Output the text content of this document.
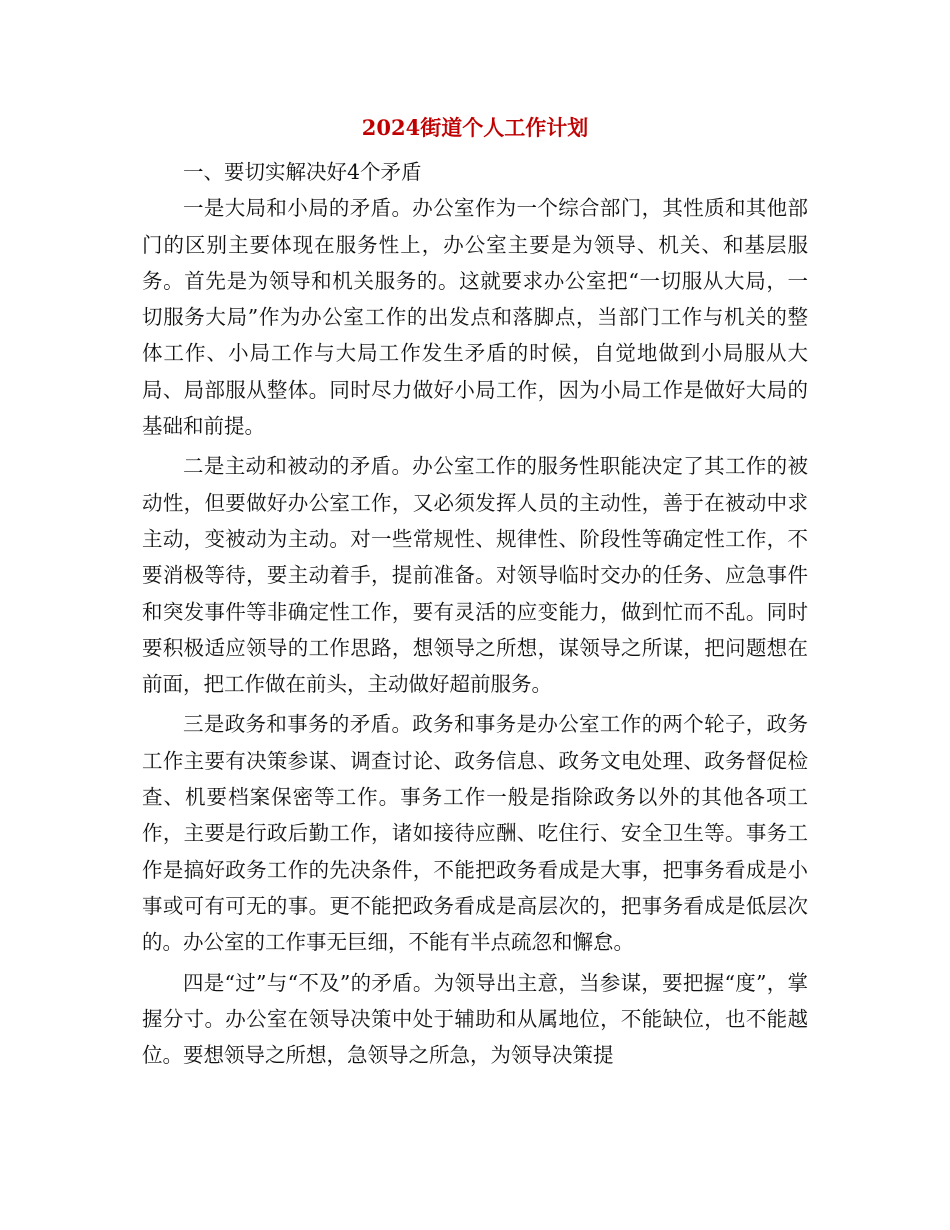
2024街道个人工作计划

一、要切实解决好4个矛盾

一是大局和小局的矛盾。办公室作为一个综合部门，其性质和其他部门的区别主要体现在服务性上，办公室主要是为领导、机关、和基层服务。首先是为领导和机关服务的。这就要求办公室把“一切服从大局，一切服务大局”作为办公室工作的出发点和落脚点，当部门工作与机关的整体工作、小局工作与大局工作发生矛盾的时候，自觉地做到小局服从大局、局部服从整体。同时尽力做好小局工作，因为小局工作是做好大局的基础和前提。

二是主动和被动的矛盾。办公室工作的服务性职能决定了其工作的被动性，但要做好办公室工作，又必须发挥人员的主动性，善于在被动中求主动，变被动为主动。对一些常规性、规律性、阶段性等确定性工作，不要消极等待，要主动着手，提前准备。对领导临时交办的任务、应急事件和突发事件等非确定性工作，要有灵活的应变能力，做到忙而不乱。同时要积极适应领导的工作思路，想领导之所想，谋领导之所谋，把问题想在前面，把工作做在前头，主动做好超前服务。

三是政务和事务的矛盾。政务和事务是办公室工作的两个轮子，政务工作主要有决策参谋、调查讨论、政务信息、政务文电处理、政务督促检查、机要档案保密等工作。事务工作一般是指除政务以外的其他各项工作，主要是行政后勤工作，诸如接待应酬、吃住行、安全卫生等。事务工作是搞好政务工作的先决条件，不能把政务看成是大事，把事务看成是小事或可有可无的事。更不能把政务看成是高层次的，把事务看成是低层次的。办公室的工作事无巨细，不能有半点疏忽和懈怠。

四是“过”与“不及”的矛盾。为领导出主意，当参谋，要把握“度”，掌握分寸。办公室在领导决策中处于辅助和从属地位，不能缺位，也不能越位。要想领导之所想，急领导之所急，为领导决策提
